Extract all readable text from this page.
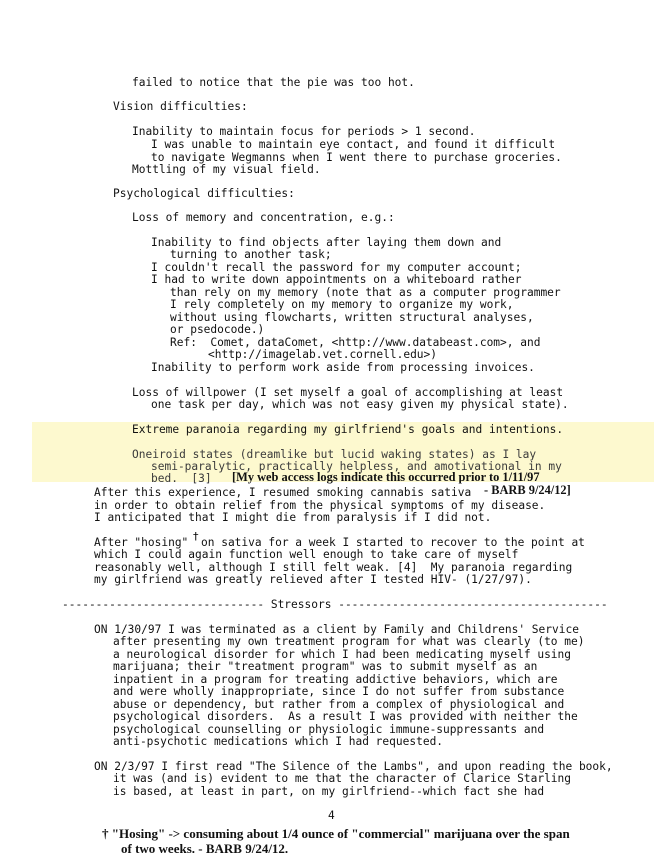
failed to notice that the pie was too hot.
Vision difficulties:
Inability to maintain focus for periods > 1 second.
I was unable to maintain eye contact, and found it difficult
to navigate Wegmanns when I went there to purchase groceries.
Mottling of my visual field.
Psychological difficulties:
Loss of memory and concentration, e.g.:
Inability to find objects after laying them down and
turning to another task;
I couldn't recall the password for my computer account;
I had to write down appointments on a whiteboard rather
than rely on my memory (note that as a computer programmer
I rely completely on my memory to organize my work,
without using flowcharts, written structural analyses,
or psedocode.)
Ref:  Comet, dataComet, <http://www.databeast.com>, and
<http://imagelab.vet.cornell.edu>)
Inability to perform work aside from processing invoices.
Loss of willpower (I set myself a goal of accomplishing at least
one task per day, which was not easy given my physical state).
Extreme paranoia regarding my girlfriend's goals and intentions.
Oneiroid states (dreamlike but lucid waking states) as I lay
semi-paralytic, practically helpless, and amotivational in my
bed.  [3] [My web access logs indicate this occurred prior to 1/11/97
- BARB 9/24/12]
After this experience, I resumed smoking cannabis sativa
in order to obtain relief from the physical symptoms of my disease.
I anticipated that I might die from paralysis if I did not.
After "hosing" † on sativa for a week I started to recover to the point at
which I could again function well enough to take care of myself
reasonably well, although I still felt weak. [4]  My paranoia regarding
my girlfriend was greatly relieved after I tested HIV- (1/27/97).
------------------------------ Stressors ----------------------------------------
ON 1/30/97 I was terminated as a client by Family and Childrens' Service
after presenting my own treatment program for what was clearly (to me)
a neurological disorder for which I had been medicating myself using
marijuana; their "treatment program" was to submit myself as an
inpatient in a program for treating addictive behaviors, which are
and were wholly inappropriate, since I do not suffer from substance
abuse or dependency, but rather from a complex of physiological and
psychological disorders.  As a result I was provided with neither the
psychological counselling or physiologic immune-suppressants and
anti-psychotic medications which I had requested.
ON 2/3/97 I first read "The Silence of the Lambs", and upon reading the book,
it was (and is) evident to me that the character of Clarice Starling
is based, at least in part, on my girlfriend--which fact she had
4
† "Hosing" -> consuming about 1/4 ounce of "commercial" marijuana over the span
of two weeks. - BARB 9/24/12.
